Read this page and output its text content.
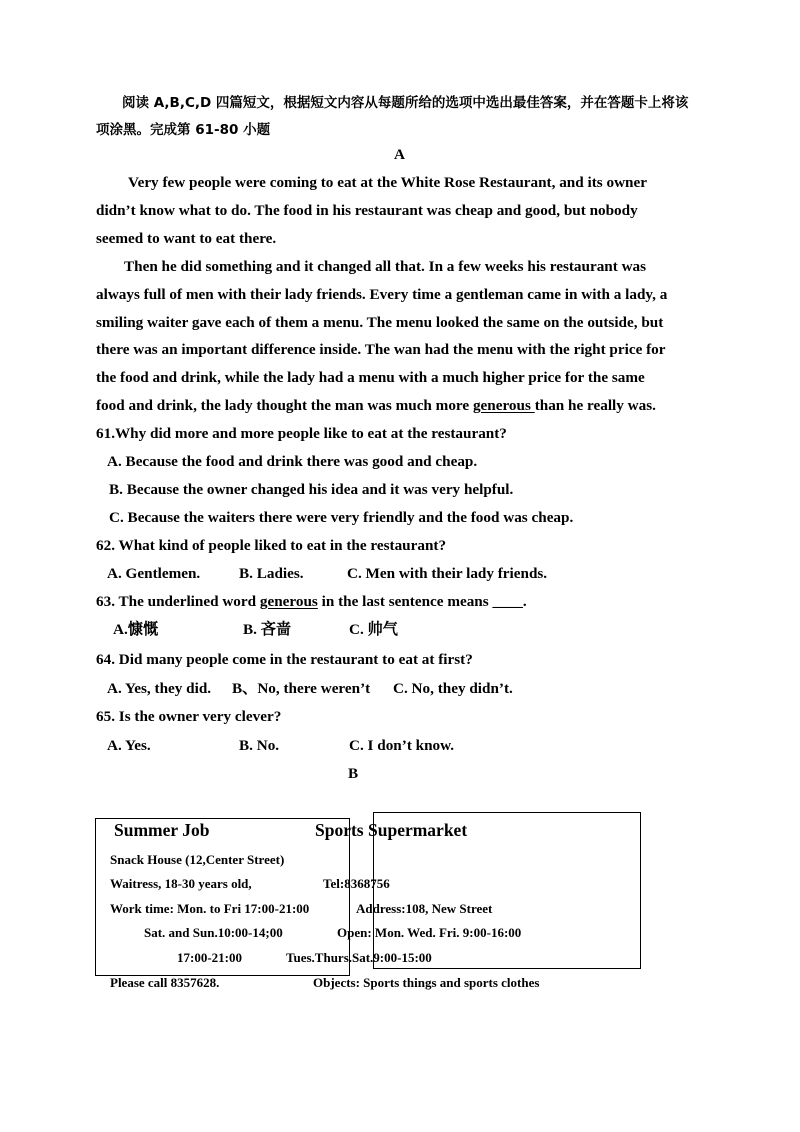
阅读 A,B,C,D 四篇短文，根据短文内容从每题所给的选项中选出最佳答案，并在答题卡上将该
项涂黑。完成第 61-80 小题
A
Very few people were coming to eat at the White Rose Restaurant, and its owner
didn’t know what to do. The food in his restaurant was cheap and good, but nobody
seemed to want to eat there.
Then he did something and it changed all that. In a few weeks his restaurant was
always full of men with their lady friends. Every time a gentleman came in with a lady, a
smiling waiter gave each of them a menu. The menu looked the same on the outside, but
there was an important difference inside. The wan had the menu with the right price for
the food and drink, while the lady had a menu with a much higher price for the same
food and drink, the lady thought the man was much more generous than he really was.
61.Why did more and more people like to eat at the restaurant?
A. Because the food and drink there was good and cheap.
B. Because the owner changed his idea and it was very helpful.
C. Because the waiters there were very friendly and the food was cheap.
62. What kind of people liked to eat in the restaurant?
A. Gentlemen.	B. Ladies.	C. Men with their lady friends.
63. The underlined word generous in the last sentence means ____.
A.慷慨	B. 吝啬	C. 帅气
64. Did many people come in the restaurant to eat at first?
A. Yes, they did. B、No, there weren’t C. No, they didn’t.
65. Is the owner very clever?
A. Yes.	B. No.	C. I don’t know.
B
Summer Job	Sports Supermarket
Snack House (12,Center Street)
Waitress, 18-30 years old,	Tel:8368756
Work time: Mon. to Fri 17:00-21:00	Address:108, New Street
Sat. and Sun.10:00-14;00	Open: Mon. Wed. Fri. 9:00-16:00
17:00-21:00	Tues.Thurs.Sat.9:00-15:00
Please call 8357628.	Objects: Sports things and sports clothes
